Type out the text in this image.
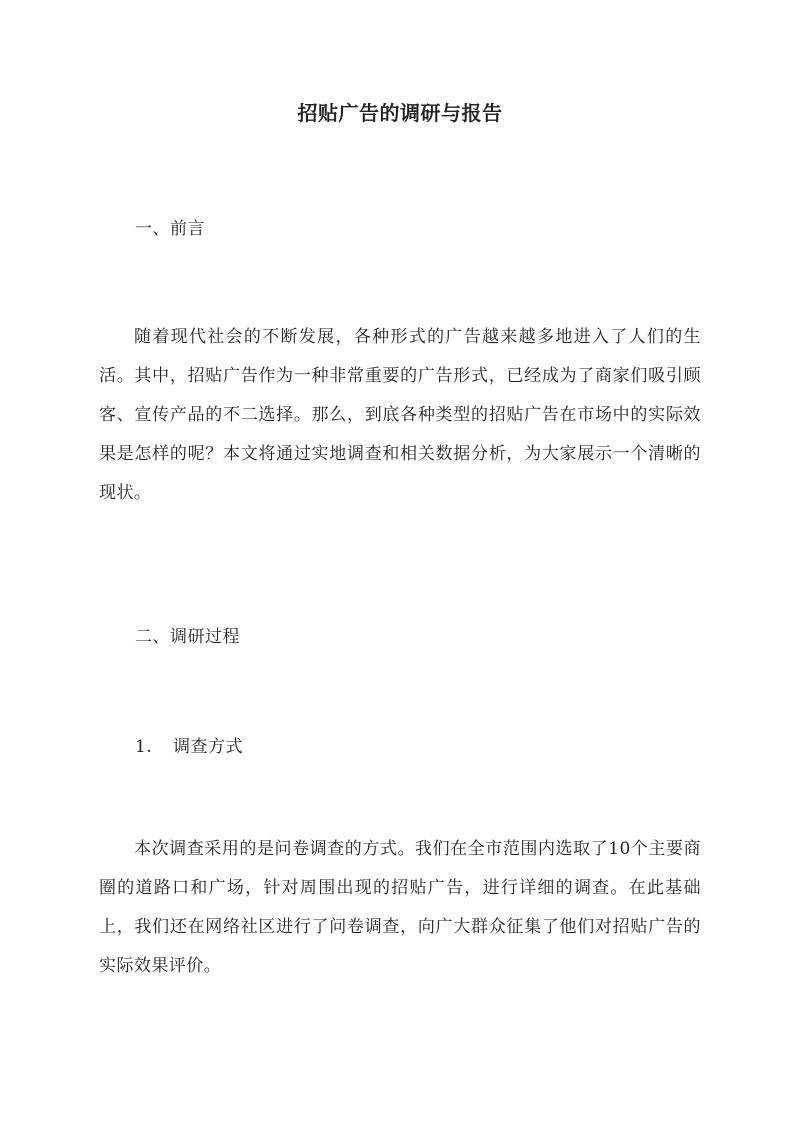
招贴广告的调研与报告
一、前言

随着现代社会的不断发展，各种形式的广告越来越多地进入了人们的生活。其中，招贴广告作为一种非常重要的广告形式，已经成为了商家们吸引顾客、宣传产品的不二选择。那么，到底各种类型的招贴广告在市场中的实际效果是怎样的呢？本文将通过实地调查和相关数据分析，为大家展示一个清晰的现状。

二、调研过程
1. 调查方式

本次调查采用的是问卷调查的方式。我们在全市范围内选取了10个主要商圈的道路口和广场，针对周围出现的招贴广告，进行详细的调查。在此基础上，我们还在网络社区进行了问卷调查，向广大群众征集了他们对招贴广告的实际效果评价。
